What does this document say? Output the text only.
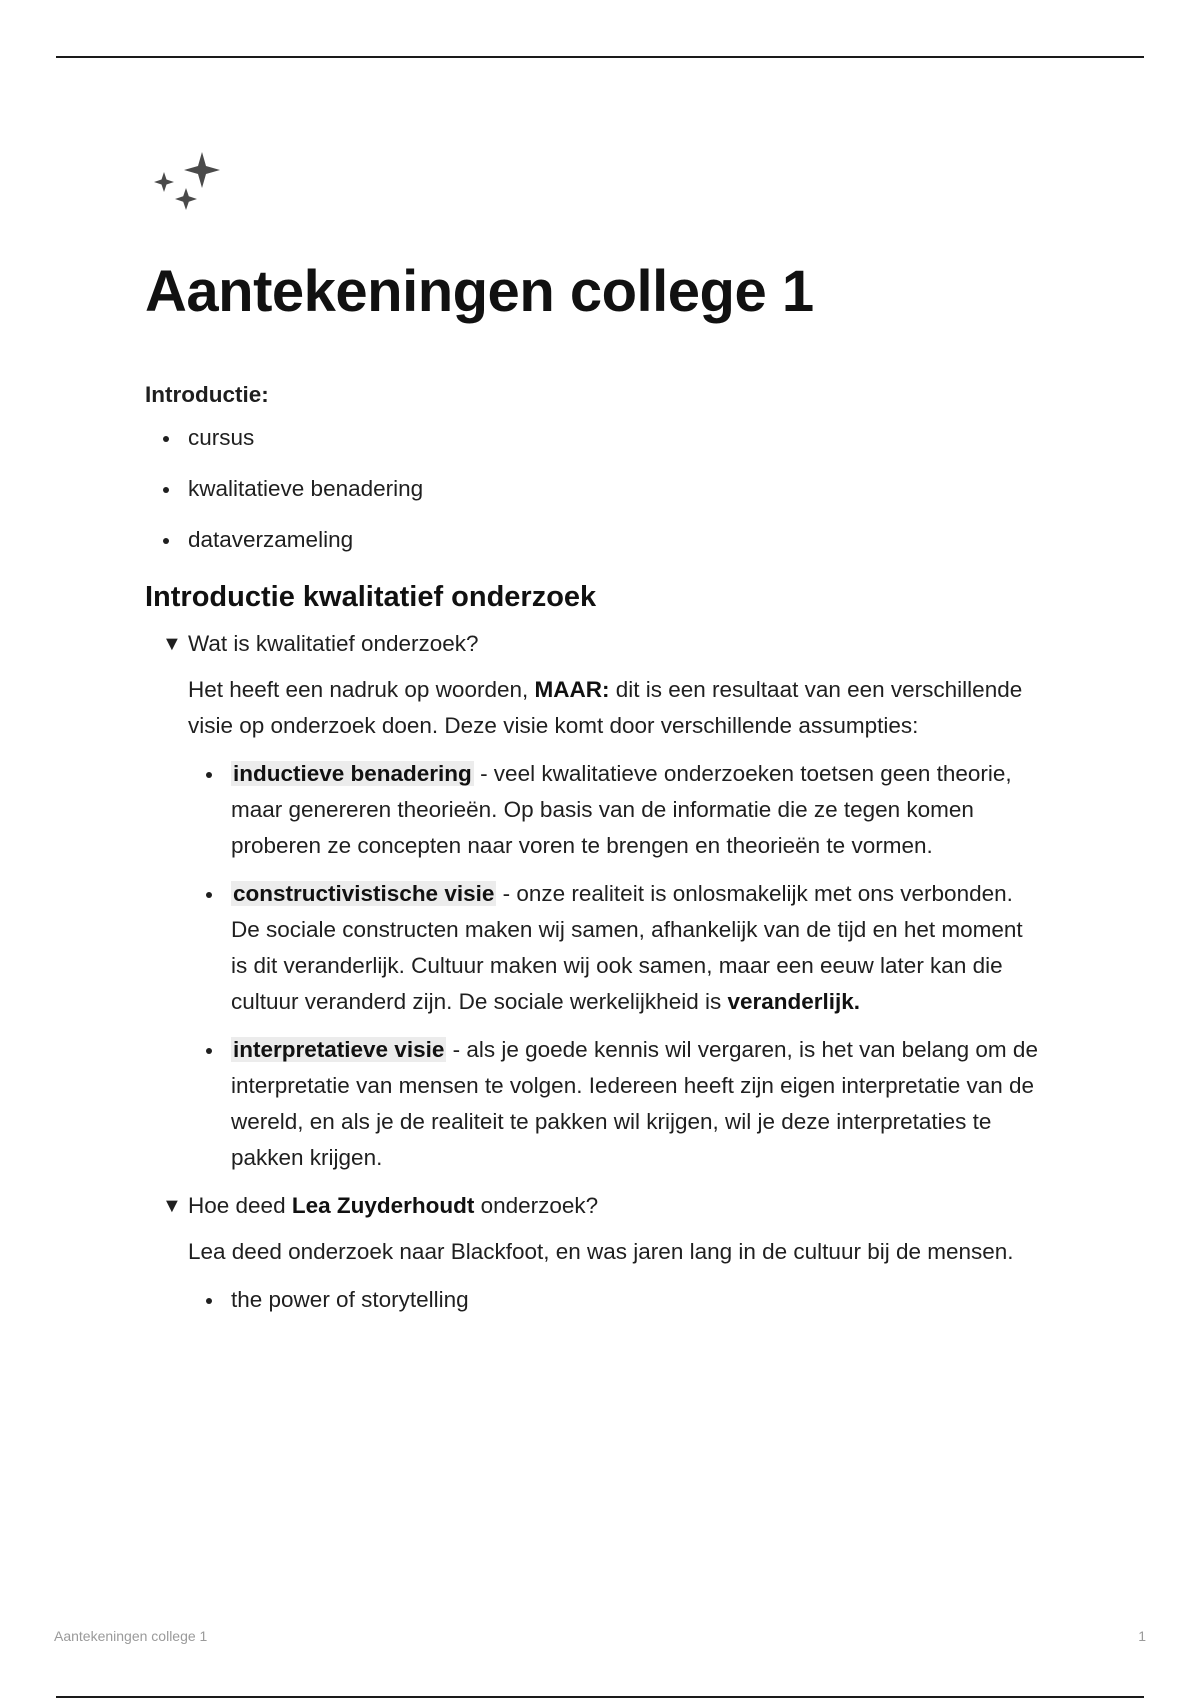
Aantekeningen college 1
Introductie:
cursus
kwalitatieve benadering
dataverzameling
Introductie kwalitatief onderzoek
▼ Wat is kwalitatief onderzoek?

Het heeft een nadruk op woorden, MAAR: dit is een resultaat van een verschillende visie op onderzoek doen. Deze visie komt door verschillende assumpties:

inductieve benadering - veel kwalitatieve onderzoeken toetsen geen theorie, maar genereren theorieën. Op basis van de informatie die ze tegen komen proberen ze concepten naar voren te brengen en theorieën te vormen.
constructivistische visie - onze realiteit is onlosmakelijk met ons verbonden. De sociale constructen maken wij samen, afhankelijk van de tijd en het moment is dit veranderlijk. Cultuur maken wij ook samen, maar een eeuw later kan die cultuur veranderd zijn. De sociale werkelijkheid is veranderlijk.
interpretatieve visie - als je goede kennis wil vergaren, is het van belang om de interpretatie van mensen te volgen. Iedereen heeft zijn eigen interpretatie van de wereld, en als je de realiteit te pakken wil krijgen, wil je deze interpretaties te pakken krijgen.
▼ Hoe deed Lea Zuyderhoudt onderzoek?

Lea deed onderzoek naar Blackfoot, en was jaren lang in de cultuur bij de mensen.

the power of storytelling
Aantekeningen college 1	1
